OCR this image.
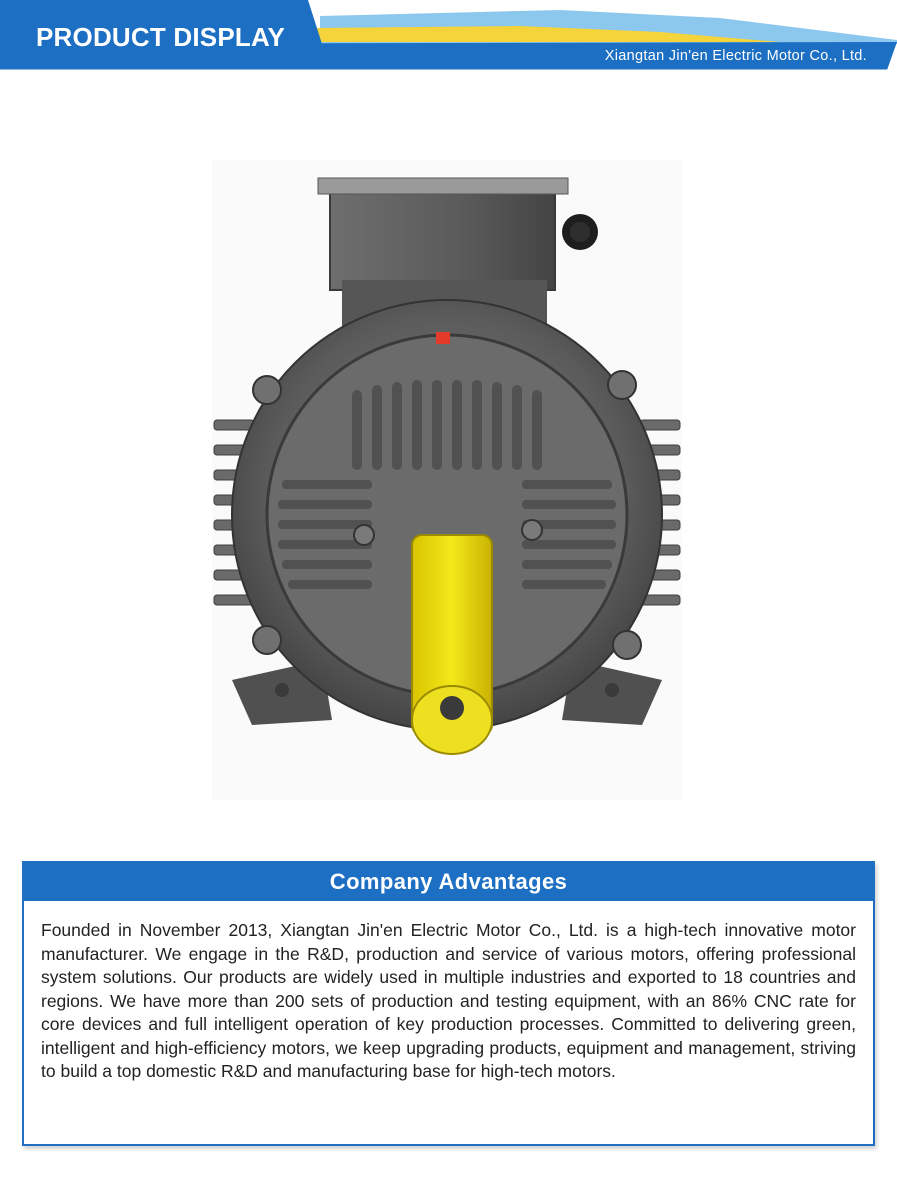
PRODUCT DISPLAY
Xiangtan Jin'en Electric Motor Co., Ltd.
Company Advantages

Founded in November 2013, Xiangtan Jin'en Electric Motor Co., Ltd. is a high-tech innovative motor manufacturer. We engage in the R&D, production and service of various motors, offering professional system solutions. Our products are widely used in multiple industries and exported to 18 countries and regions. We have more than 200 sets of production and testing equipment, with an 86% CNC rate for core devices and full intelligent operation of key production processes. Committed to delivering green, intelligent and high-efficiency motors, we keep upgrading products, equipment and management, striving to build a top domestic R&D and manufacturing base for high-tech motors.
